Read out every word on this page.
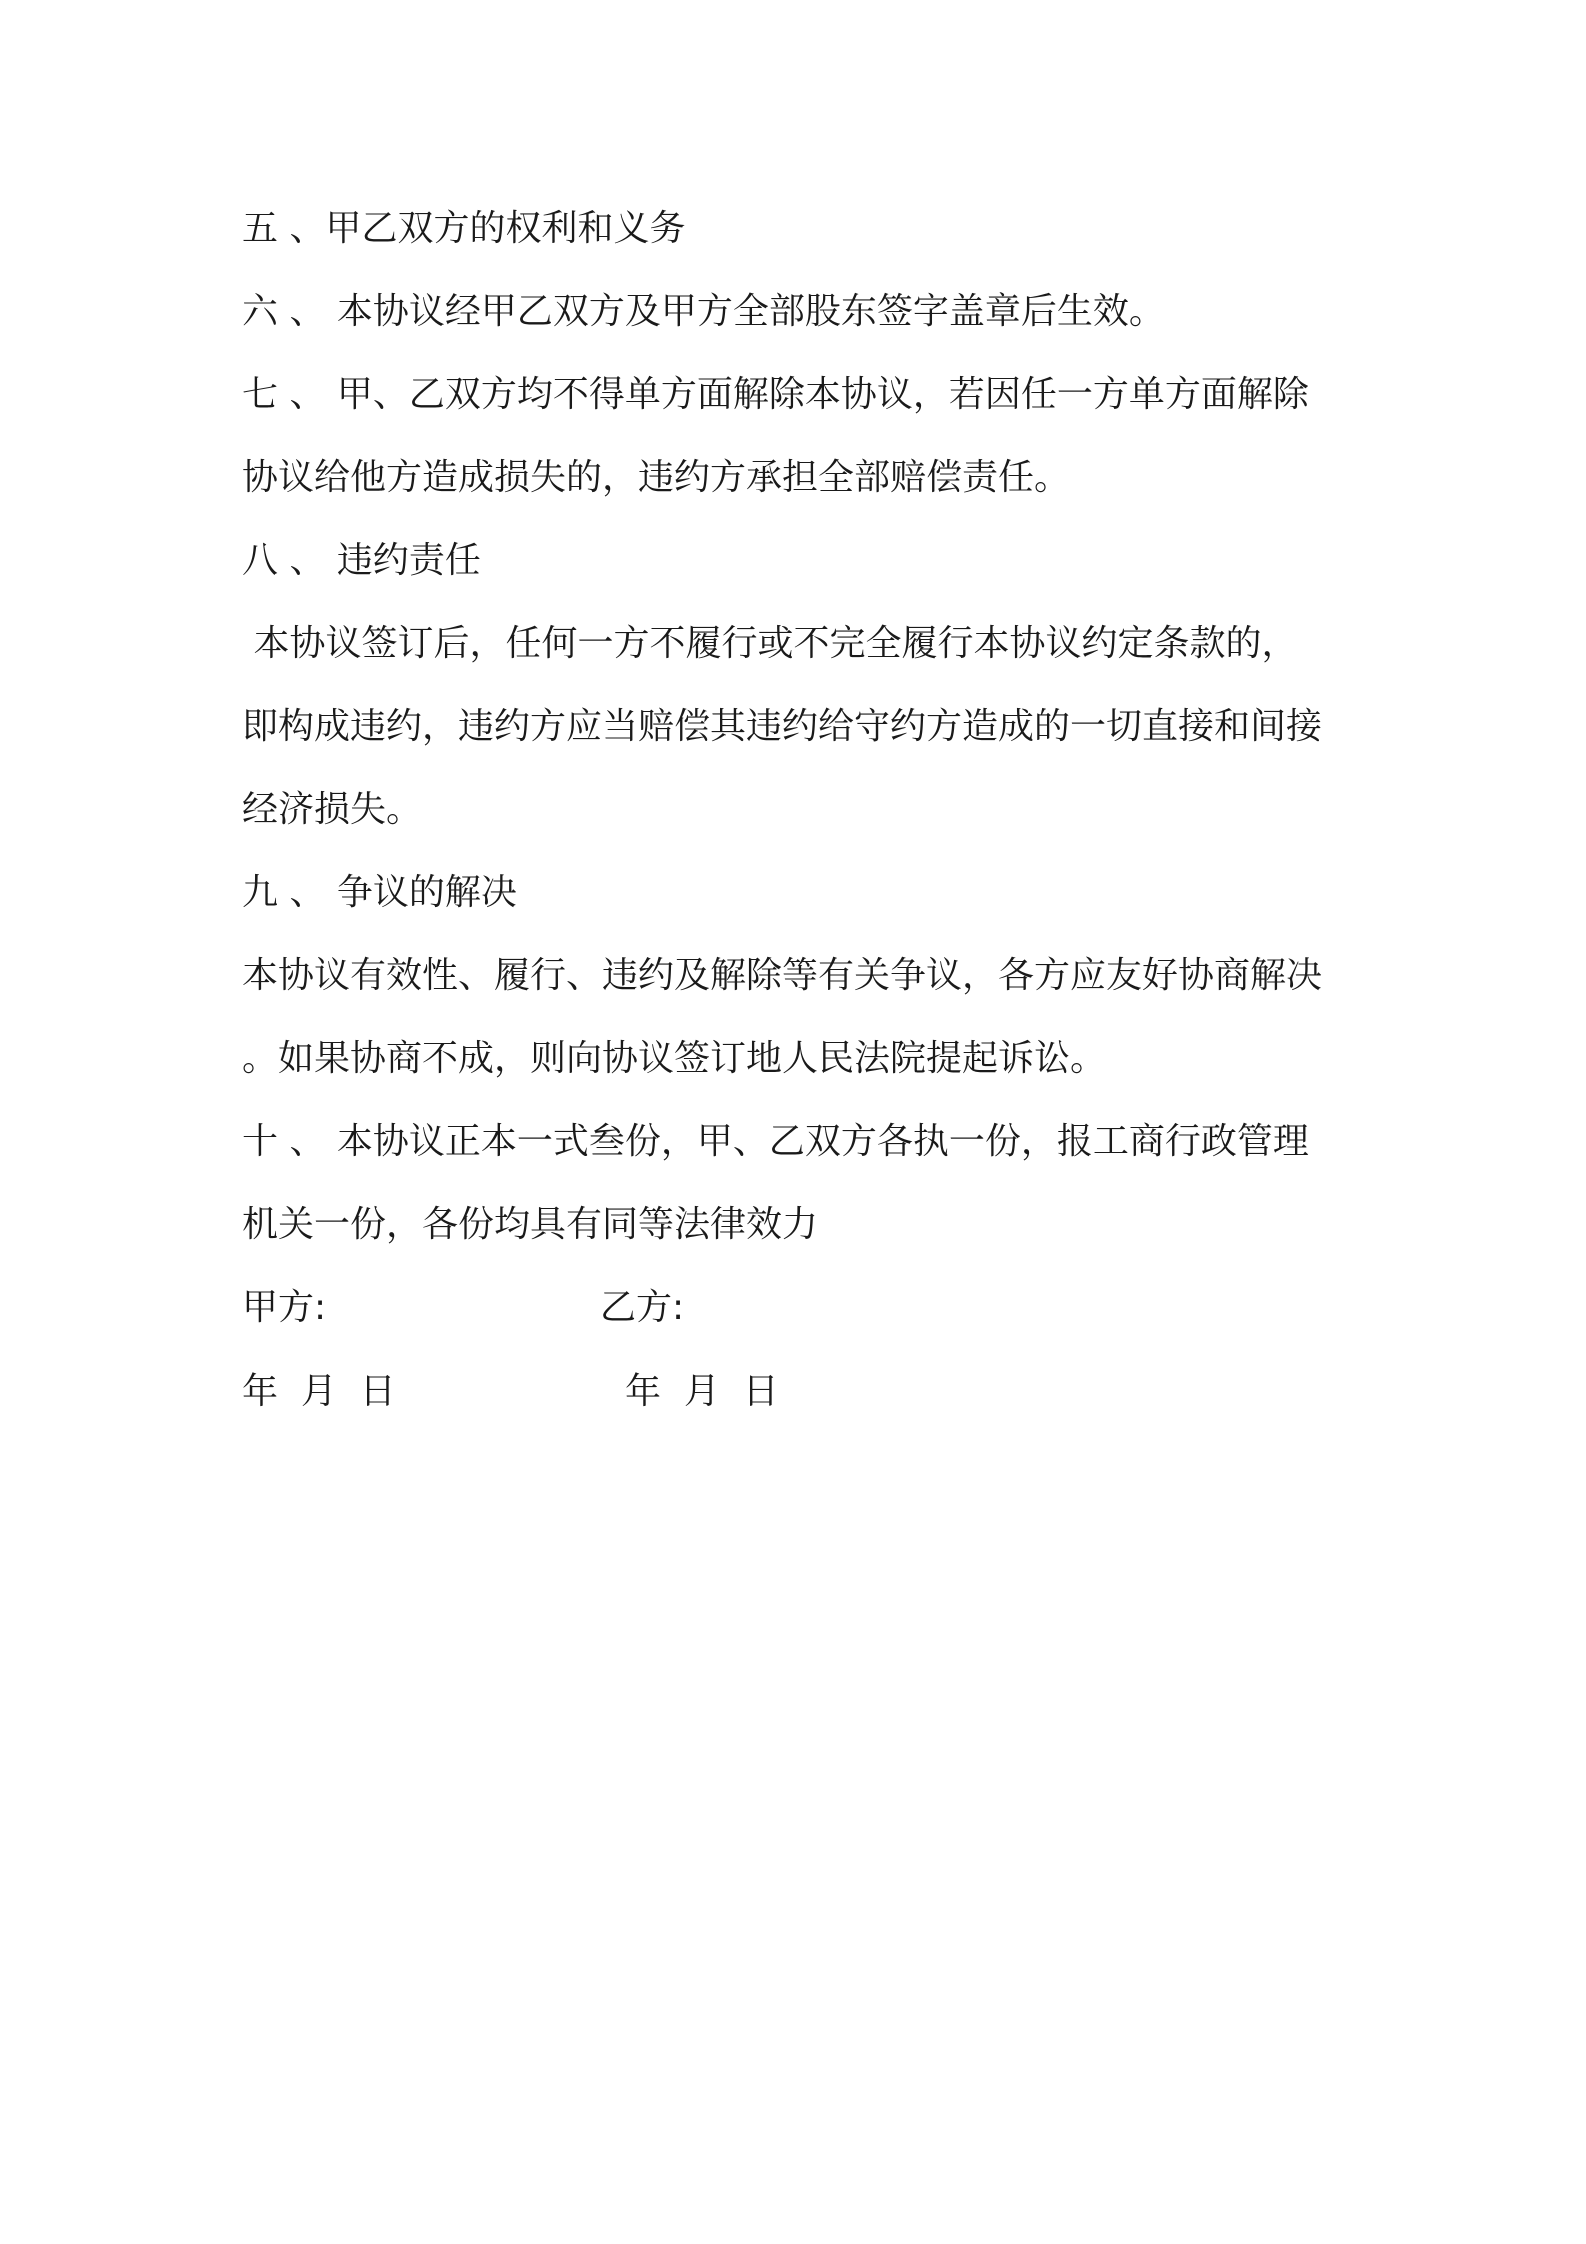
五 、甲乙双方的权利和义务
六 、 本协议经甲乙双方及甲方全部股东签字盖章后生效。
七 、 甲、乙双方均不得单方面解除本协议，若因任一方单方面解除
协议给他方造成损失的，违约方承担全部赔偿责任。
八 、 违约责任
本协议签订后，任何一方不履行或不完全履行本协议约定条款的，
即构成违约，违约方应当赔偿其违约给守约方造成的一切直接和间接
经济损失。
九 、 争议的解决
本协议有效性、履行、违约及解除等有关争议，各方应友好协商解决
。如果协商不成，则向协议签订地人民法院提起诉讼。
十 、 本协议正本一式叁份，甲、乙双方各执一份，报工商行政管理
机关一份，各份均具有同等法律效力
甲方:	乙方:
年  月  日	年  月  日
